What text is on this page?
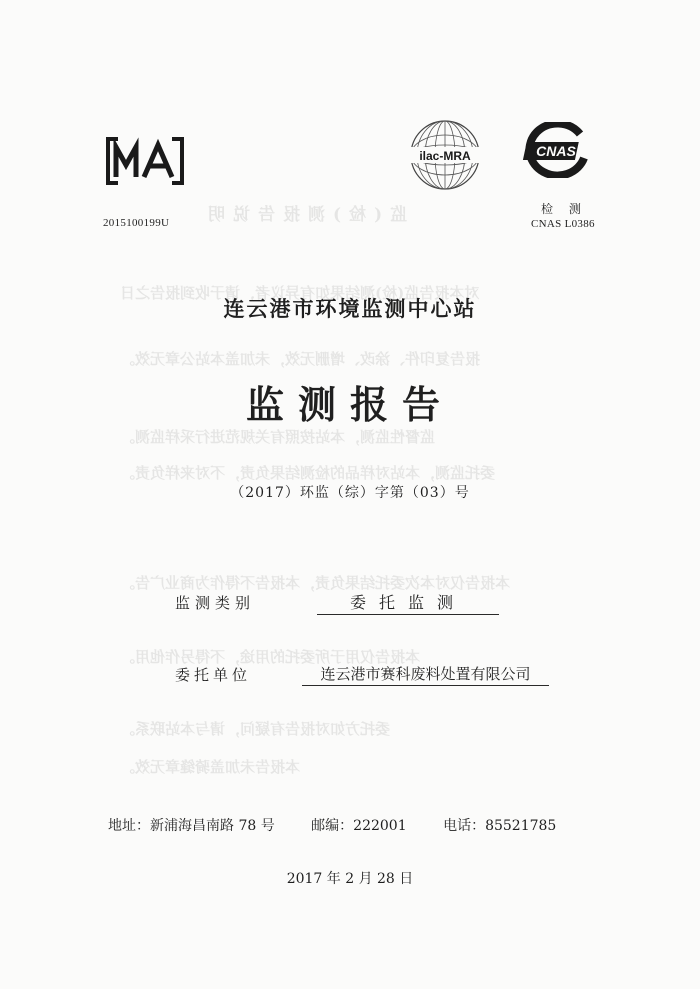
监(检)测报告说明
对本报告监(检)测结果如有异议者，请于收到报告之日
报告复印件、涂改、增删无效，未加盖本站公章无效。
监督性监测，本站按照有关规范进行采样监测。
委托监测，本站对样品的检测结果负责，不对来样负责。
本报告仅对本次委托结果负责，本报告不得作为商业广告。
本报告仅用于所委托的用途，不得另作他用。
委托方如对报告有疑问，请与本站联系。
本报告未加盖骑缝章无效。
2015100199U
ilac-MRA	CNAS
检 测
CNAS L0386
连云港市环境监测中心站
监测报告
（2017）环监（综）字第（03）号
监测类别	委托监测
委托单位	连云港市赛科废料处置有限公司
地址：新浦海昌南路 78 号	邮编：222001	电话：85521785
2017 年 2 月 28 日
